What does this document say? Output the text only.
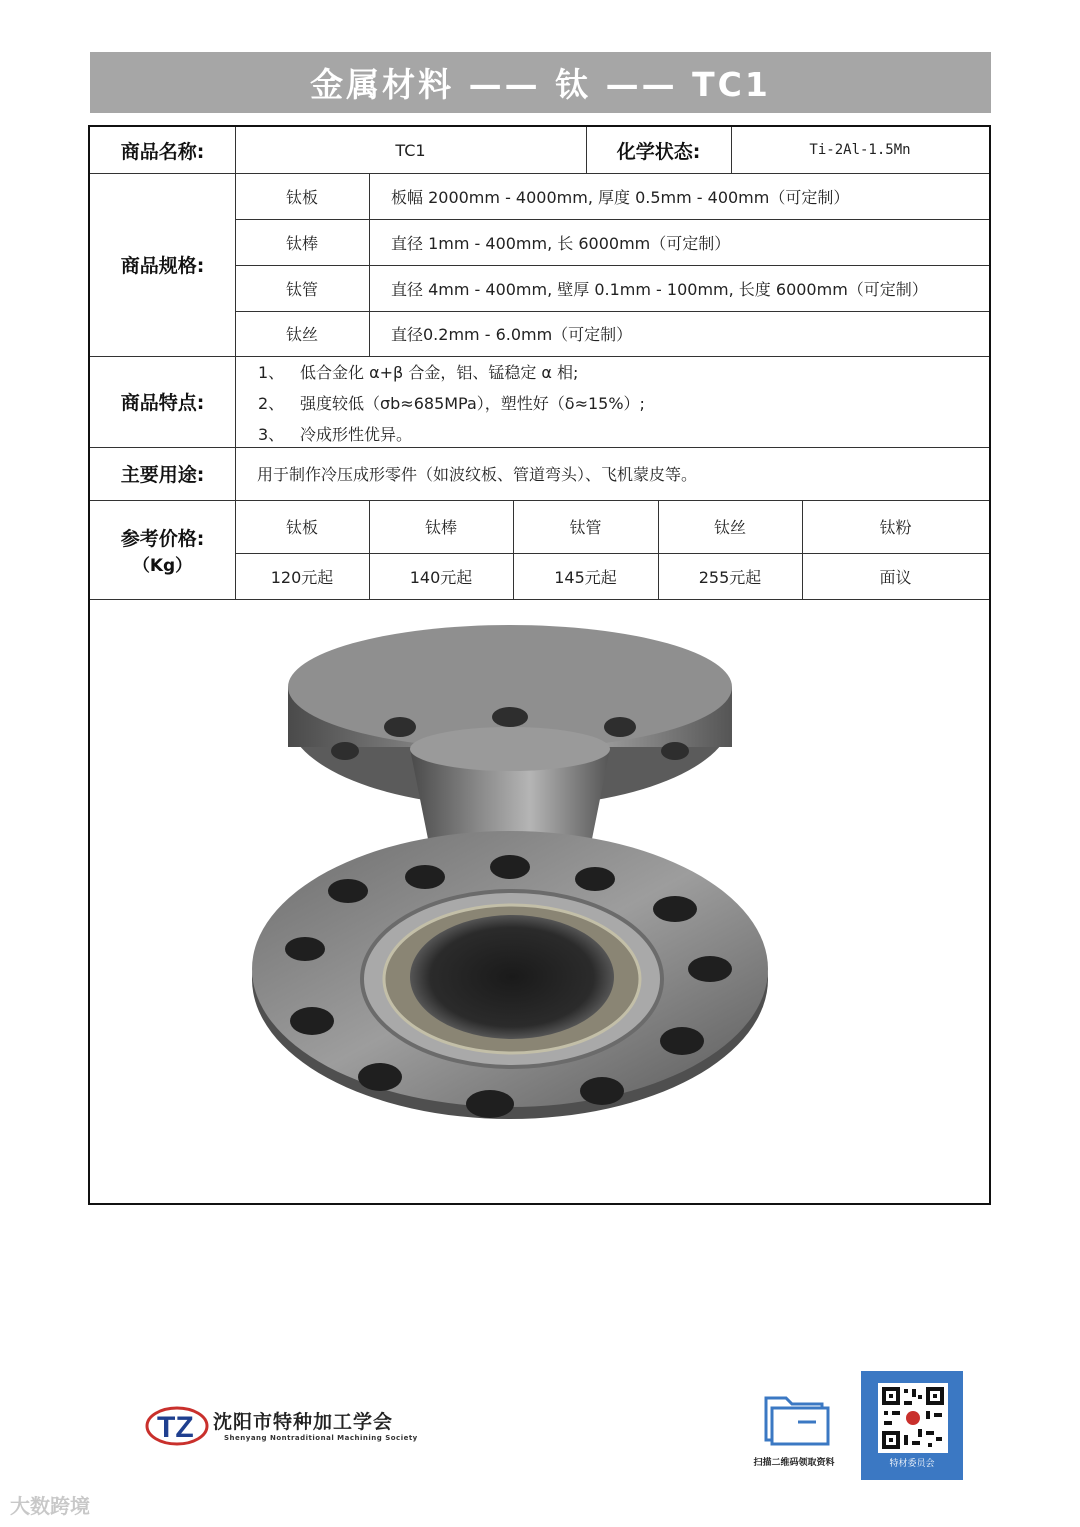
金属材料 —— 钛 —— TC1
商品名称:	TC1	化学状态:	Ti-2Al-1.5Mn
商品规格:
钛板	板幅 2000mm - 4000mm, 厚度 0.5mm - 400mm（可定制）
钛棒	直径 1mm - 400mm, 长 6000mm（可定制）
钛管	直径 4mm - 400mm, 壁厚 0.1mm - 100mm, 长度 6000mm（可定制）
钛丝	直径0.2mm - 6.0mm（可定制）
商品特点:
1、 低合金化 α+β 合金，铝、锰稳定 α 相;
2、 强度较低（σb≈685MPa），塑性好（δ≈15%）;
3、 冷成形性优异。
主要用途:	用于制作冷压成形零件（如波纹板、管道弯头）、飞机蒙皮等。
参考价格:
（Kg）
钛板	钛棒	钛管	钛丝	钛粉
120元起	140元起	145元起	255元起	面议
TZ 沈阳市特种加工学会
Shenyang Nontraditional Machining Society
扫描二维码领取资料	特材委员会
大数跨境
